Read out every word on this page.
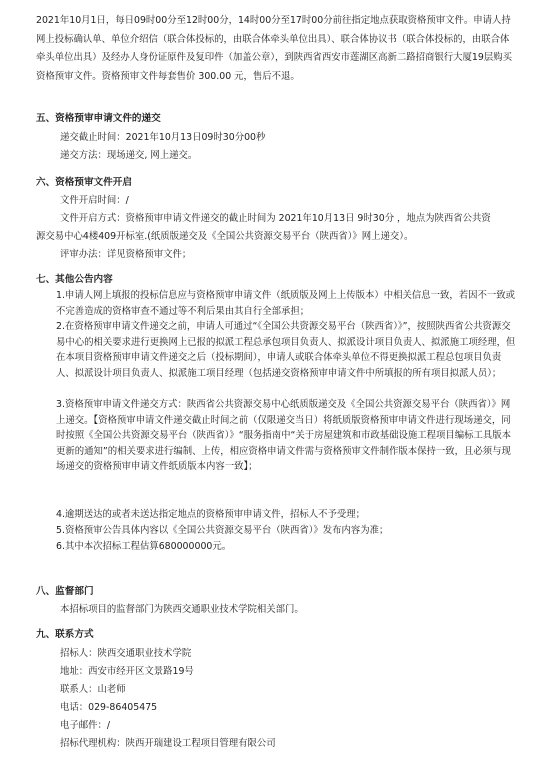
2021年10月1日，每日09时00分至12时00分，14时00分至17时00分前往指定地点获取资格预审文件。申请人持网上投标确认单、单位介绍信（联合体投标的，由联合体牵头单位出具）、联合体协议书（联合体投标的，由联合体牵头单位出具）及经办人身份证原件及复印件（加盖公章），到陕西省西安市莲湖区高新二路招商银行大厦19层购买资格预审文件。资格预审文件每套售价 300.00 元，售后不退。
五、资格预审申请文件的递交
递交截止时间：2021年10月13日09时30分00秒
递交方法：现场递交, 网上递交。
六、资格预审文件开启
文件开启时间：/
文件开启方式：资格预审申请文件递交的截止时间为 2021年10月13日 9时30分 ，地点为陕西省公共资
源交易中心4楼409开标室.(纸质版递交及《全国公共资源交易平台（陕西省）》网上递交）。
评审办法：详见资格预审文件；
七、其他公告内容
1.申请人网上填报的投标信息应与资格预审申请文件（纸质版及网上上传版本）中相关信息一致，若因不一致或不完善造成的资格审查不通过等不利后果由其自行全部承担；
2.在资格预审申请文件递交之前，申请人可通过“《全国公共资源交易平台（陕西省）》”，按照陕西省公共资源交易中心的相关要求进行更换网上已报的拟派工程总承包项目负责人、拟派设计项目负责人、拟派施工项经理，但在本项目资格预审申请文件递交之后（投标期间），申请人或联合体牵头单位不得更换拟派工程总包项目负责人、拟派设计项目负责人、拟派施工项目经理（包括递交资格预审申请文件中所填报的所有项目拟派人员）；
3.资格预审申请文件递交方式：陕西省公共资源交易中心纸质版递交及《全国公共资源交易平台（陕西省）》网上递交。【资格预审申请文件递交截止时间之前（仅限递交当日）将纸质版资格预审申请文件进行现场递交，同时按照《全国公共资源交易平台（陕西省）》“服务指南中“关于房屋建筑和市政基础设施工程项目编标工具版本更新的通知”的相关要求进行编制、上传，相应资格申请文件需与资格预审文件制作版本保持一致，且必须与现场递交的资格预审申请文件纸质版本内容一致】；
4.逾期送达的或者未送达指定地点的资格预审申请文件，招标人不予受理；
5.资格预审公告具体内容以《全国公共资源交易平台（陕西省）》发布内容为准；
6.其中本次招标工程估算680000000元。
八、监督部门
本招标项目的监督部门为陕西交通职业技术学院相关部门。
九、联系方式
招标人：陕西交通职业技术学院
地址：西安市经开区文景路19号
联系人：山老师
电话：029-86405475
电子邮件：/
招标代理机构：陕西开瑞建设工程项目管理有限公司
